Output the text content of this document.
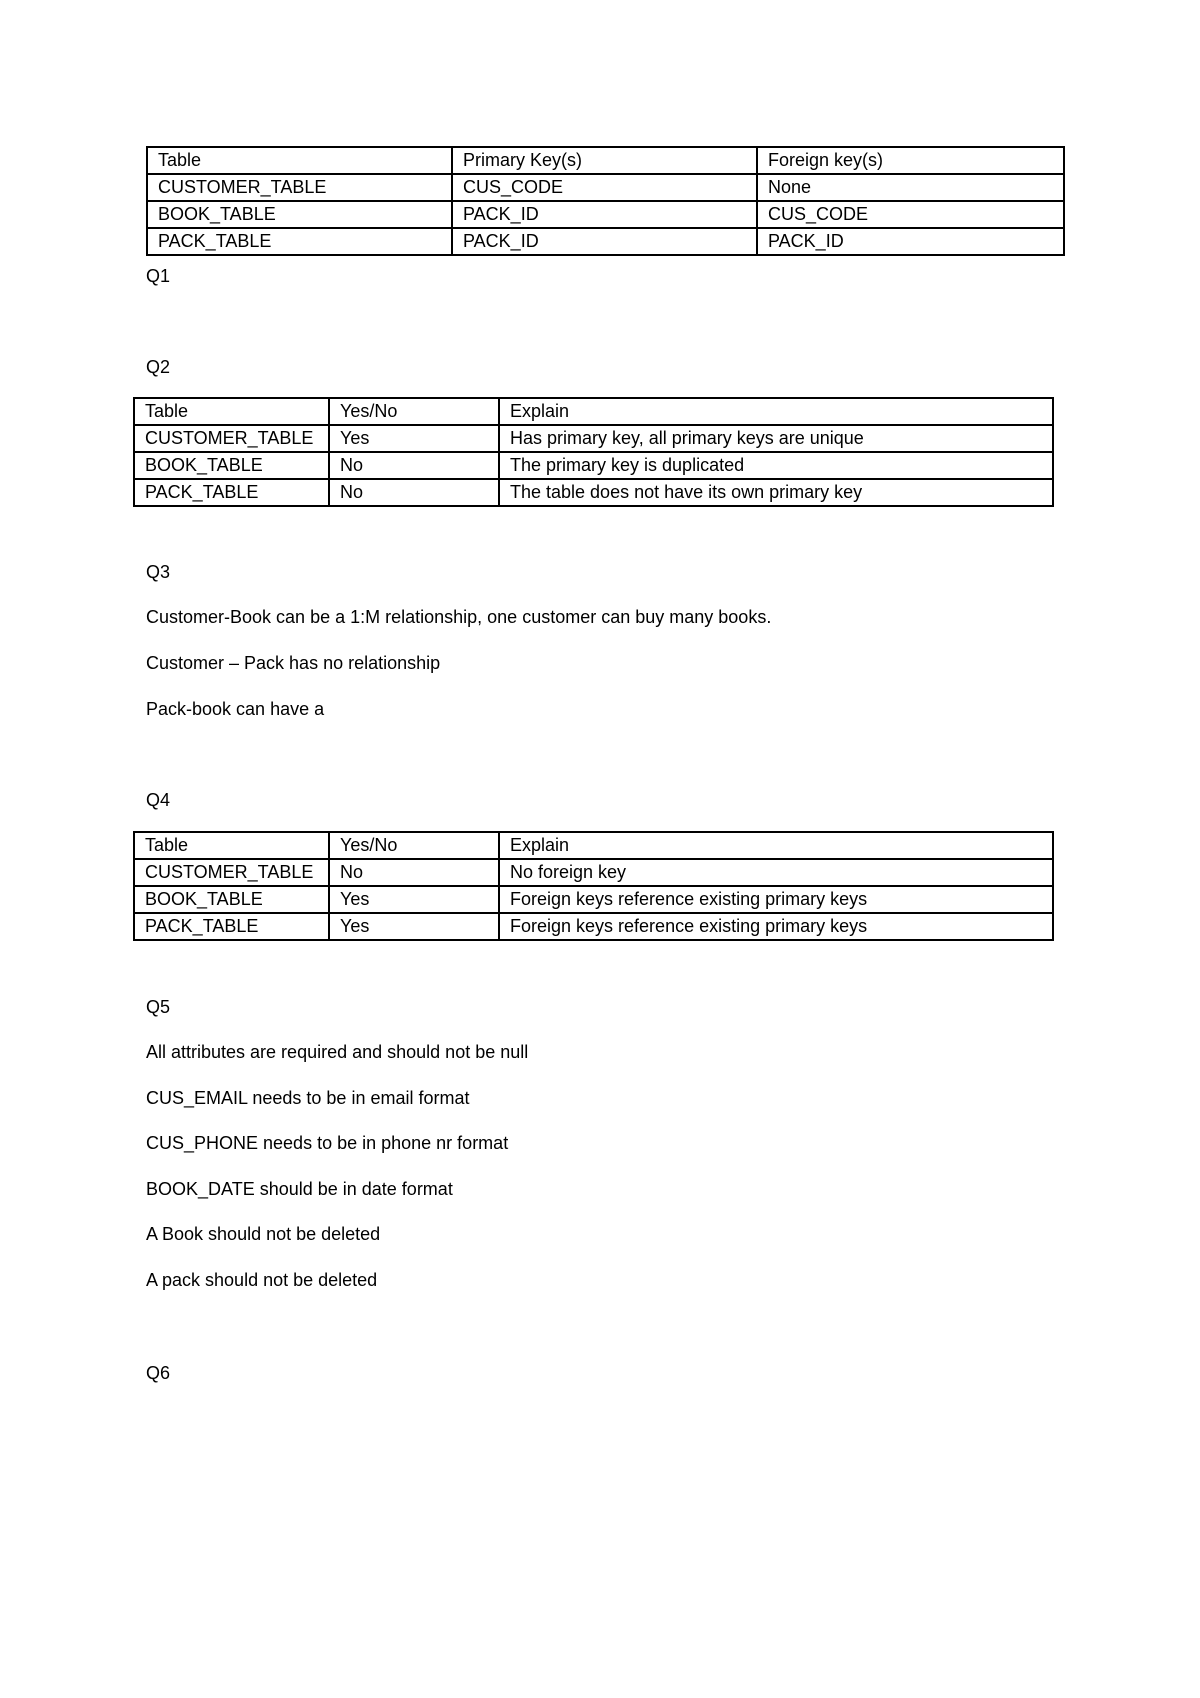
Table	Primary Key(s)	Foreign key(s)
CUSTOMER_TABLE	CUS_CODE	None
BOOK_TABLE	PACK_ID	CUS_CODE
PACK_TABLE	PACK_ID	PACK_ID
Q1
Q2
Table	Yes/No	Explain
CUSTOMER_TABLE	Yes	Has primary key, all primary keys are unique
BOOK_TABLE	No	The primary key is duplicated
PACK_TABLE	No	The table does not have its own primary key
Q3
Customer-Book can be a 1:M relationship, one customer can buy many books.
Customer – Pack has no relationship
Pack-book can have a
Q4
Table	Yes/No	Explain
CUSTOMER_TABLE	No	No foreign key
BOOK_TABLE	Yes	Foreign keys reference existing primary keys
PACK_TABLE	Yes	Foreign keys reference existing primary keys
Q5
All attributes are required and should not be null
CUS_EMAIL needs to be in email format
CUS_PHONE needs to be in phone nr format
BOOK_DATE should be in date format
A Book should not be deleted
A pack should not be deleted
Q6
